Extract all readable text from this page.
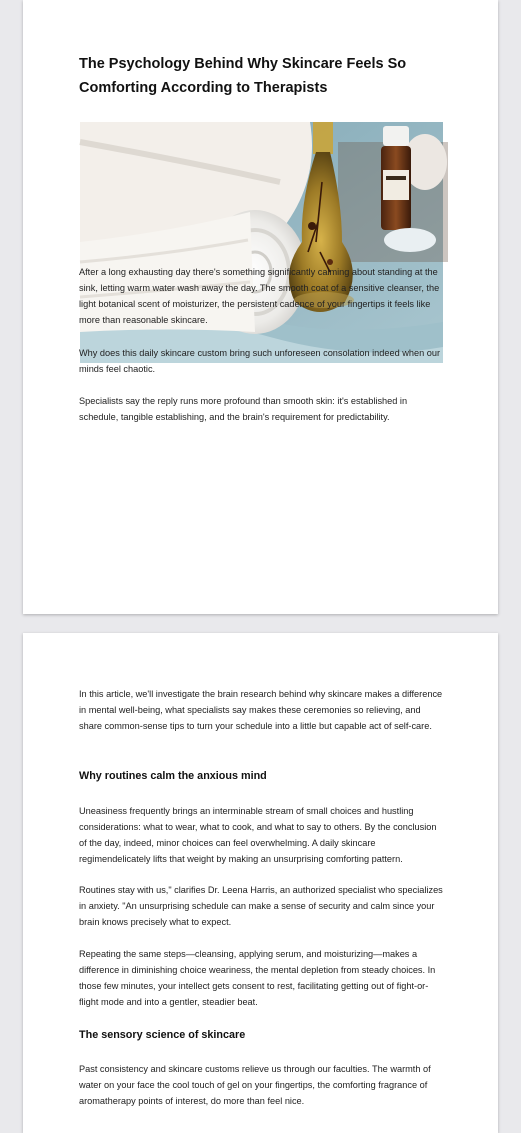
The Psychology Behind Why Skincare Feels So Comforting According to Therapists

After a long exhausting day there's something significantly calming about standing at the sink, letting warm water wash away the day. The smooth coat of a sensitive cleanser, the light botanical scent of moisturizer, the persistent cadence of your fingertips it feels like more than reasonable skincare.

Why does this daily skincare custom bring such unforeseen consolation indeed when our minds feel chaotic.

Specialists say the reply runs more profound than smooth skin: it's established in schedule, tangible establishing, and the brain's requirement for predictability.

In this article, we'll investigate the brain research behind why skincare makes a difference in mental well-being, what specialists say makes these ceremonies so relieving, and share common-sense tips to turn your schedule into a little but capable act of self-care.

Why routines calm the anxious mind

Uneasiness frequently brings an interminable stream of small choices and hustling considerations: what to wear, what to cook, and what to say to others. By the conclusion of the day, indeed, minor choices can feel overwhelming. A daily skincare regimendelicately lifts that weight by making an unsurprising comforting pattern.

Routines stay with us," clarifies Dr. Leena Harris, an authorized specialist who specializes in anxiety. "An unsurprising schedule can make a sense of security and calm since your brain knows precisely what to expect.

Repeating the same steps—cleansing, applying serum, and moisturizing—makes a difference in diminishing choice weariness, the mental depletion from steady choices. In those few minutes, your intellect gets consent to rest, facilitating getting out of fight-or-flight mode and into a gentler, steadier beat.

The sensory science of skincare

Past consistency and skincare customs relieve us through our faculties. The warmth of water on your face the cool touch of gel on your fingertips, the comforting fragrance of aromatherapy points of interest, do more than feel nice.
